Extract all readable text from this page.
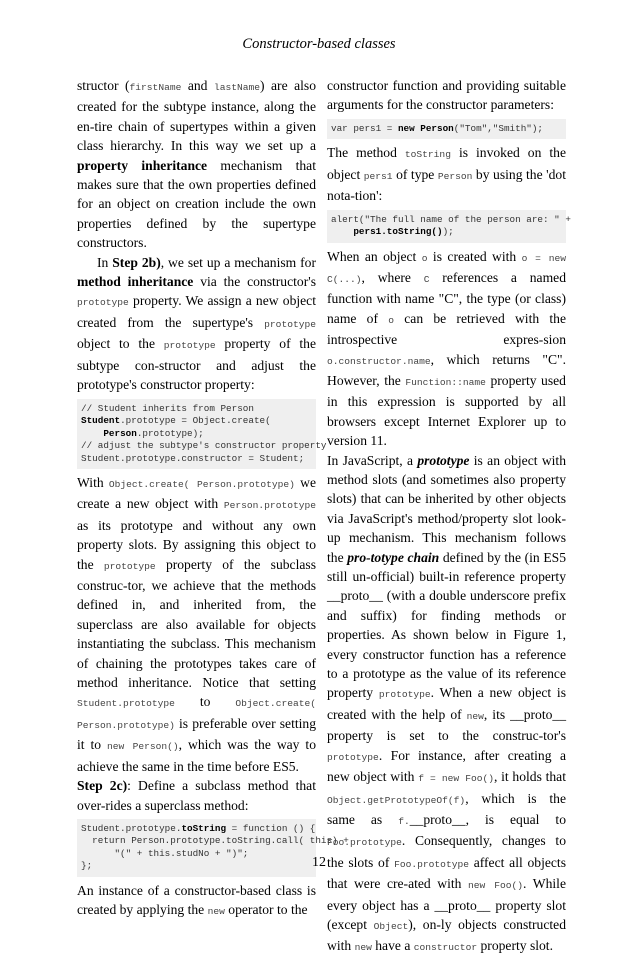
Constructor-based classes

structor (firstName and lastName) are also created for the subtype instance, along the en-tire chain of supertypes within a given class hierarchy. In this way we set up a property inheritance mechanism that makes sure that the own properties defined for an object on creation include the own properties defined by the supertype constructors.

In Step 2b), we set up a mechanism for method inheritance via the constructor's prototype property. We assign a new object created from the supertype's prototype object to the prototype property of the subtype con-structor and adjust the prototype's constructor property:

// Student inherits from Person
Student.prototype = Object.create(
Person.prototype);
// adjust the subtype's constructor property
Student.prototype.constructor = Student;

With Object.create( Person.prototype) we create a new object with Person.prototype as its prototype and without any own property slots. By assigning this object to the prototype property of the subclass construc-tor, we achieve that the methods defined in, and inherited from, the superclass are also available for objects instantiating the subclass. This mechanism of chaining the prototypes takes care of method inheritance. Notice that setting Student.prototype to Object.create( Person.prototype) is preferable over setting it to new Person(), which was the way to achieve the same in the time before ES5.

Step 2c): Define a subclass method that over-rides a superclass method:

Student.prototype.toString = function () {
return Person.prototype.toString.call( this) +
"(" + this.studNo + ")";
};

An instance of a constructor-based class is created by applying the new operator to the

constructor function and providing suitable arguments for the constructor parameters:

var pers1 = new Person("Tom","Smith");

The method toString is invoked on the object pers1 of type Person by using the 'dot nota-tion':

alert("The full name of the person are: " +
pers1.toString());

When an object o is created with o = new C(...), where C references a named function with name "C", the type (or class) name of o can be retrieved with the introspective expres-sion o.constructor.name, which returns "C". However, the Function::name property used in this expression is supported by all browsers except Internet Explorer up to version 11.

In JavaScript, a prototype is an object with method slots (and sometimes also property slots) that can be inherited by other objects via JavaScript's method/property slot look-up mechanism. This mechanism follows the pro-totype chain defined by the (in ES5 still un-official) built-in reference property __proto__ (with a double underscore prefix and suffix) for finding methods or properties. As shown below in Figure 1, every constructor function has a reference to a prototype as the value of its reference property prototype. When a new object is created with the help of new, its __proto__ property is set to the construc-tor's prototype. For instance, after creating a new object with f = new Foo(), it holds that Object.getPrototypeOf(f), which is the same as f.__proto__, is equal to Foo.prototype. Consequently, changes to the slots of Foo.prototype affect all objects that were cre-ated with new Foo(). While every object has a __proto__ property slot (except Object), on-ly objects constructed with new have a constructor property slot.

12
